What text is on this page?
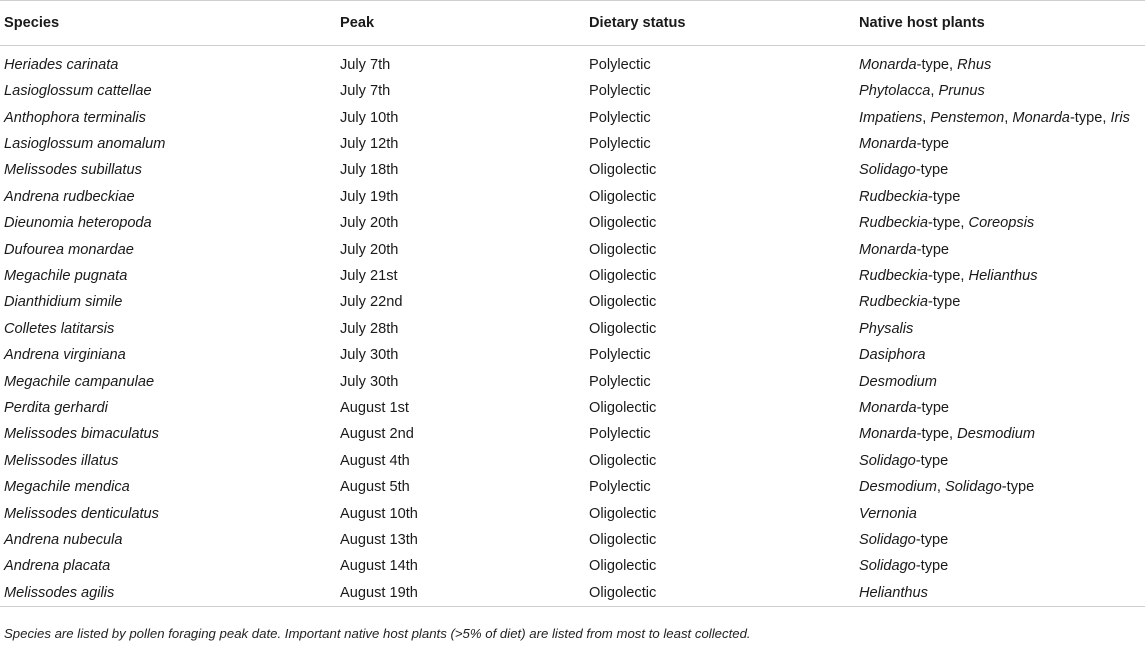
Species	Peak	Dietary status	Native host plants
Heriades carinata	July 7th	Polylectic	Monarda-type, Rhus
Lasioglossum cattellae	July 7th	Polylectic	Phytolacca, Prunus
Anthophora terminalis	July 10th	Polylectic	Impatiens, Penstemon, Monarda-type, Iris
Lasioglossum anomalum	July 12th	Polylectic	Monarda-type
Melissodes subillatus	July 18th	Oligolectic	Solidago-type
Andrena rudbeckiae	July 19th	Oligolectic	Rudbeckia-type
Dieunomia heteropoda	July 20th	Oligolectic	Rudbeckia-type, Coreopsis
Dufourea monardae	July 20th	Oligolectic	Monarda-type
Megachile pugnata	July 21st	Oligolectic	Rudbeckia-type, Helianthus
Dianthidium simile	July 22nd	Oligolectic	Rudbeckia-type
Colletes latitarsis	July 28th	Oligolectic	Physalis
Andrena virginiana	July 30th	Polylectic	Dasiphora
Megachile campanulae	July 30th	Polylectic	Desmodium
Perdita gerhardi	August 1st	Oligolectic	Monarda-type
Melissodes bimaculatus	August 2nd	Polylectic	Monarda-type, Desmodium
Melissodes illatus	August 4th	Oligolectic	Solidago-type
Megachile mendica	August 5th	Polylectic	Desmodium, Solidago-type
Melissodes denticulatus	August 10th	Oligolectic	Vernonia
Andrena nubecula	August 13th	Oligolectic	Solidago-type
Andrena placata	August 14th	Oligolectic	Solidago-type
Melissodes agilis	August 19th	Oligolectic	Helianthus
Species are listed by pollen foraging peak date. Important native host plants (>5% of diet) are listed from most to least collected.
